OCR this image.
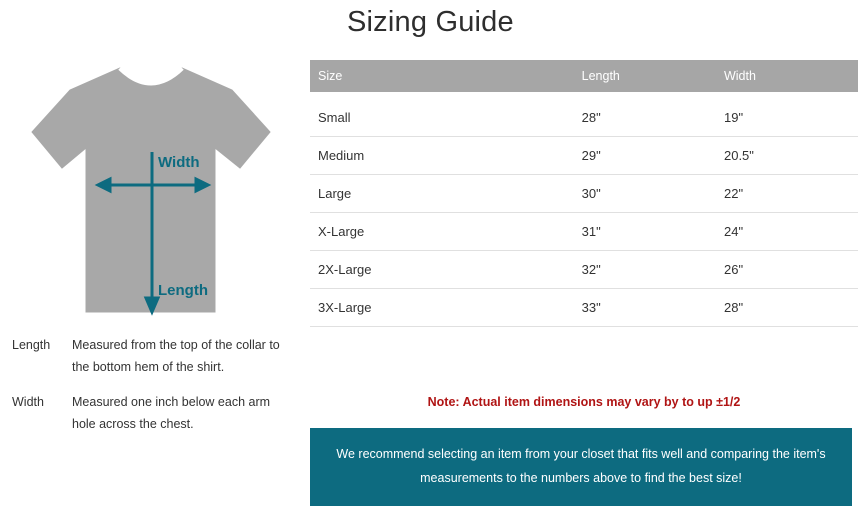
Width
Length
Length	Measured from the top of the collar to the bottom hem of the shirt.
Width	Measured one inch below each arm hole across the chest.
Sizing Guide
Size	Length	Width
Small	28"	19"
Medium	29"	20.5"
Large	30"	22"
X-Large	31"	24"
2X-Large	32"	26"
3X-Large	33"	28"
Note: Actual item dimensions may vary by to up ±1/2
We recommend selecting an item from your closet that fits well and comparing the item's measurements to the numbers above to find the best size!
